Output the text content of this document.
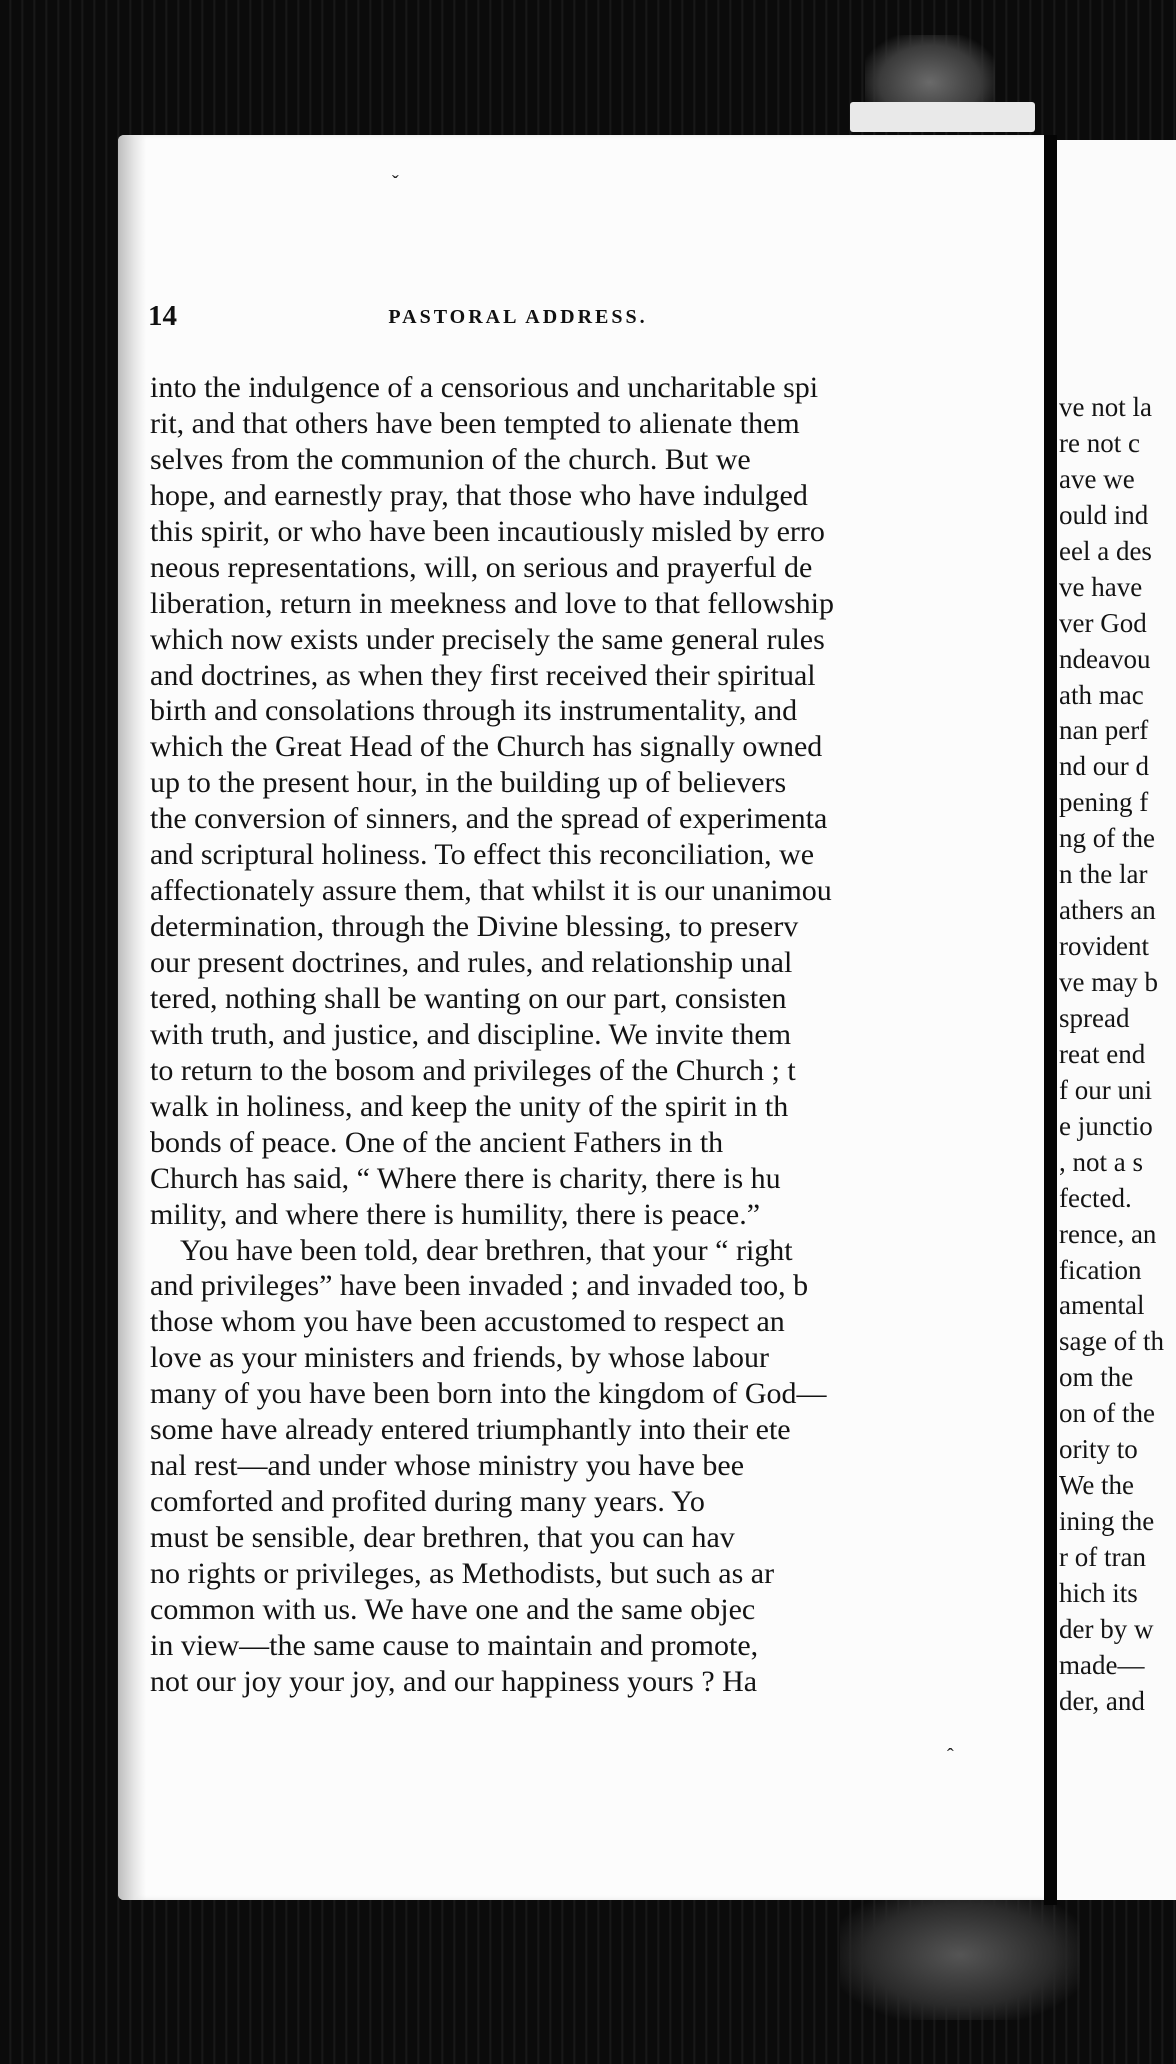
ve not la
re not c
ave we
ould ind
eel a des
ve have
ver God
ndeavou
ath mac
nan perf
nd our d
pening f
ng of the
n the lar
athers an
rovident
ve may b
spread
reat end
f our uni
e junctio
, not a s
fected.
rence, an
fication
amental
sage of th
om the
on of the
ority to
We the
ining the
r of tran
hich its
der by w
made—
der, and
14	PASTORAL ADDRESS.
into the indulgence of a censorious and uncharitable spi
rit, and that others have been tempted to alienate them
selves from the communion of the church. But we
hope, and earnestly pray, that those who have indulged
this spirit, or who have been incautiously misled by erro
neous representations, will, on serious and prayerful de
liberation, return in meekness and love to that fellowship
which now exists under precisely the same general rules
and doctrines, as when they first received their spiritual
birth and consolations through its instrumentality, and
which the Great Head of the Church has signally owned
up to the present hour, in the building up of believers
the conversion of sinners, and the spread of experimenta
and scriptural holiness. To effect this reconciliation, we
affectionately assure them, that whilst it is our unanimou
determination, through the Divine blessing, to preserv
our present doctrines, and rules, and relationship unal
tered, nothing shall be wanting on our part, consisten
with truth, and justice, and discipline. We invite them
to return to the bosom and privileges of the Church ; t
walk in holiness, and keep the unity of the spirit in th
bonds of peace. One of the ancient Fathers in th
Church has said, “ Where there is charity, there is hu
mility, and where there is humility, there is peace.”
You have been told, dear brethren, that your “ right
and privileges” have been invaded ; and invaded too, b
those whom you have been accustomed to respect an
love as your ministers and friends, by whose labour
many of you have been born into the kingdom of God—
some have already entered triumphantly into their ete
nal rest—and under whose ministry you have bee
comforted and profited during many years. Yo
must be sensible, dear brethren, that you can hav
no rights or privileges, as Methodists, but such as ar
common with us. We have one and the same objec
in view—the same cause to maintain and promote,
not our joy your joy, and our happiness yours ? Ha
ˇ
ˆ
